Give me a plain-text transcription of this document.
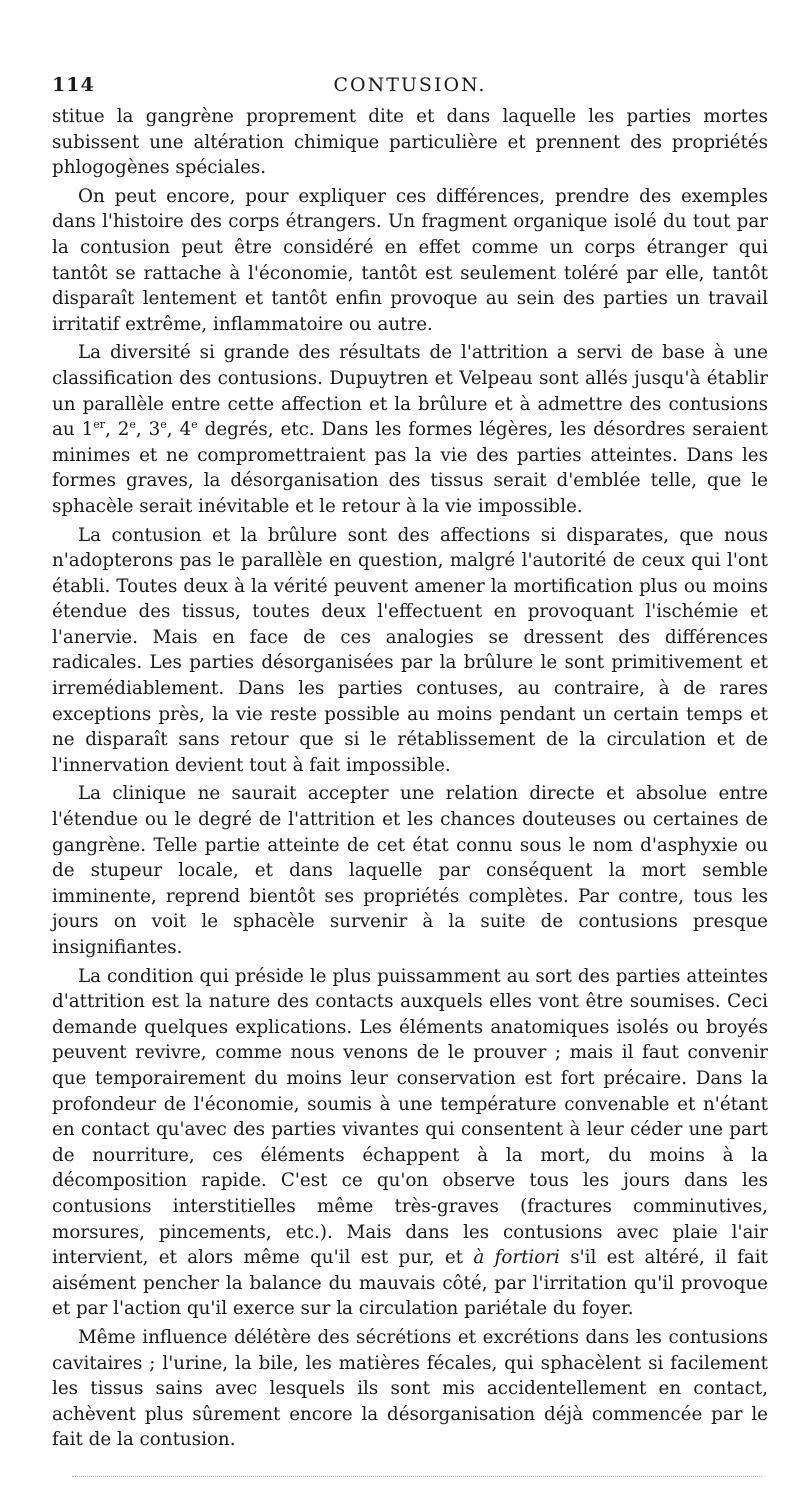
114	CONTUSION.

stitue la gangrène proprement dite et dans laquelle les parties mortes subissent une altération chimique particulière et prennent des propriétés phlogogènes spéciales.

On peut encore, pour expliquer ces différences, prendre des exemples dans l'histoire des corps étrangers. Un fragment organique isolé du tout par la contusion peut être considéré en effet comme un corps étranger qui tantôt se rattache à l'économie, tantôt est seulement toléré par elle, tantôt disparaît lentement et tantôt enfin provoque au sein des parties un travail irritatif extrême, inflammatoire ou autre.

La diversité si grande des résultats de l'attrition a servi de base à une classification des contusions. Dupuytren et Velpeau sont allés jusqu'à établir un parallèle entre cette affection et la brûlure et à admettre des contusions au 1er, 2e, 3e, 4e degrés, etc. Dans les formes légères, les désordres seraient minimes et ne compromettraient pas la vie des parties atteintes. Dans les formes graves, la désorganisation des tissus serait d'emblée telle, que le sphacèle serait inévitable et le retour à la vie impossible.

La contusion et la brûlure sont des affections si disparates, que nous n'adopterons pas le parallèle en question, malgré l'autorité de ceux qui l'ont établi. Toutes deux à la vérité peuvent amener la mortification plus ou moins étendue des tissus, toutes deux l'effectuent en provoquant l'ischémie et l'anervie. Mais en face de ces analogies se dressent des différences radicales. Les parties désorganisées par la brûlure le sont primitivement et irremédiablement. Dans les parties contuses, au contraire, à de rares exceptions près, la vie reste possible au moins pendant un certain temps et ne disparaît sans retour que si le rétablissement de la circulation et de l'innervation devient tout à fait impossible.

La clinique ne saurait accepter une relation directe et absolue entre l'étendue ou le degré de l'attrition et les chances douteuses ou certaines de gangrène. Telle partie atteinte de cet état connu sous le nom d'asphyxie ou de stupeur locale, et dans laquelle par conséquent la mort semble imminente, reprend bientôt ses propriétés complètes. Par contre, tous les jours on voit le sphacèle survenir à la suite de contusions presque insignifiantes.

La condition qui préside le plus puissamment au sort des parties atteintes d'attrition est la nature des contacts auxquels elles vont être soumises. Ceci demande quelques explications. Les éléments anatomiques isolés ou broyés peuvent revivre, comme nous venons de le prouver ; mais il faut convenir que temporairement du moins leur conservation est fort précaire. Dans la profondeur de l'économie, soumis à une température convenable et n'étant en contact qu'avec des parties vivantes qui consentent à leur céder une part de nourriture, ces éléments échappent à la mort, du moins à la décomposition rapide. C'est ce qu'on observe tous les jours dans les contusions interstitielles même très-graves (fractures comminutives, morsures, pincements, etc.). Mais dans les contusions avec plaie l'air intervient, et alors même qu'il est pur, et à fortiori s'il est altéré, il fait aisément pencher la balance du mauvais côté, par l'irritation qu'il provoque et par l'action qu'il exerce sur la circulation pariétale du foyer.

Même influence délétère des sécrétions et excrétions dans les contusions cavitaires ; l'urine, la bile, les matières fécales, qui sphacèlent si facilement les tissus sains avec lesquels ils sont mis accidentellement en contact, achèvent plus sûrement encore la désorganisation déjà commencée par le fait de la contusion.
